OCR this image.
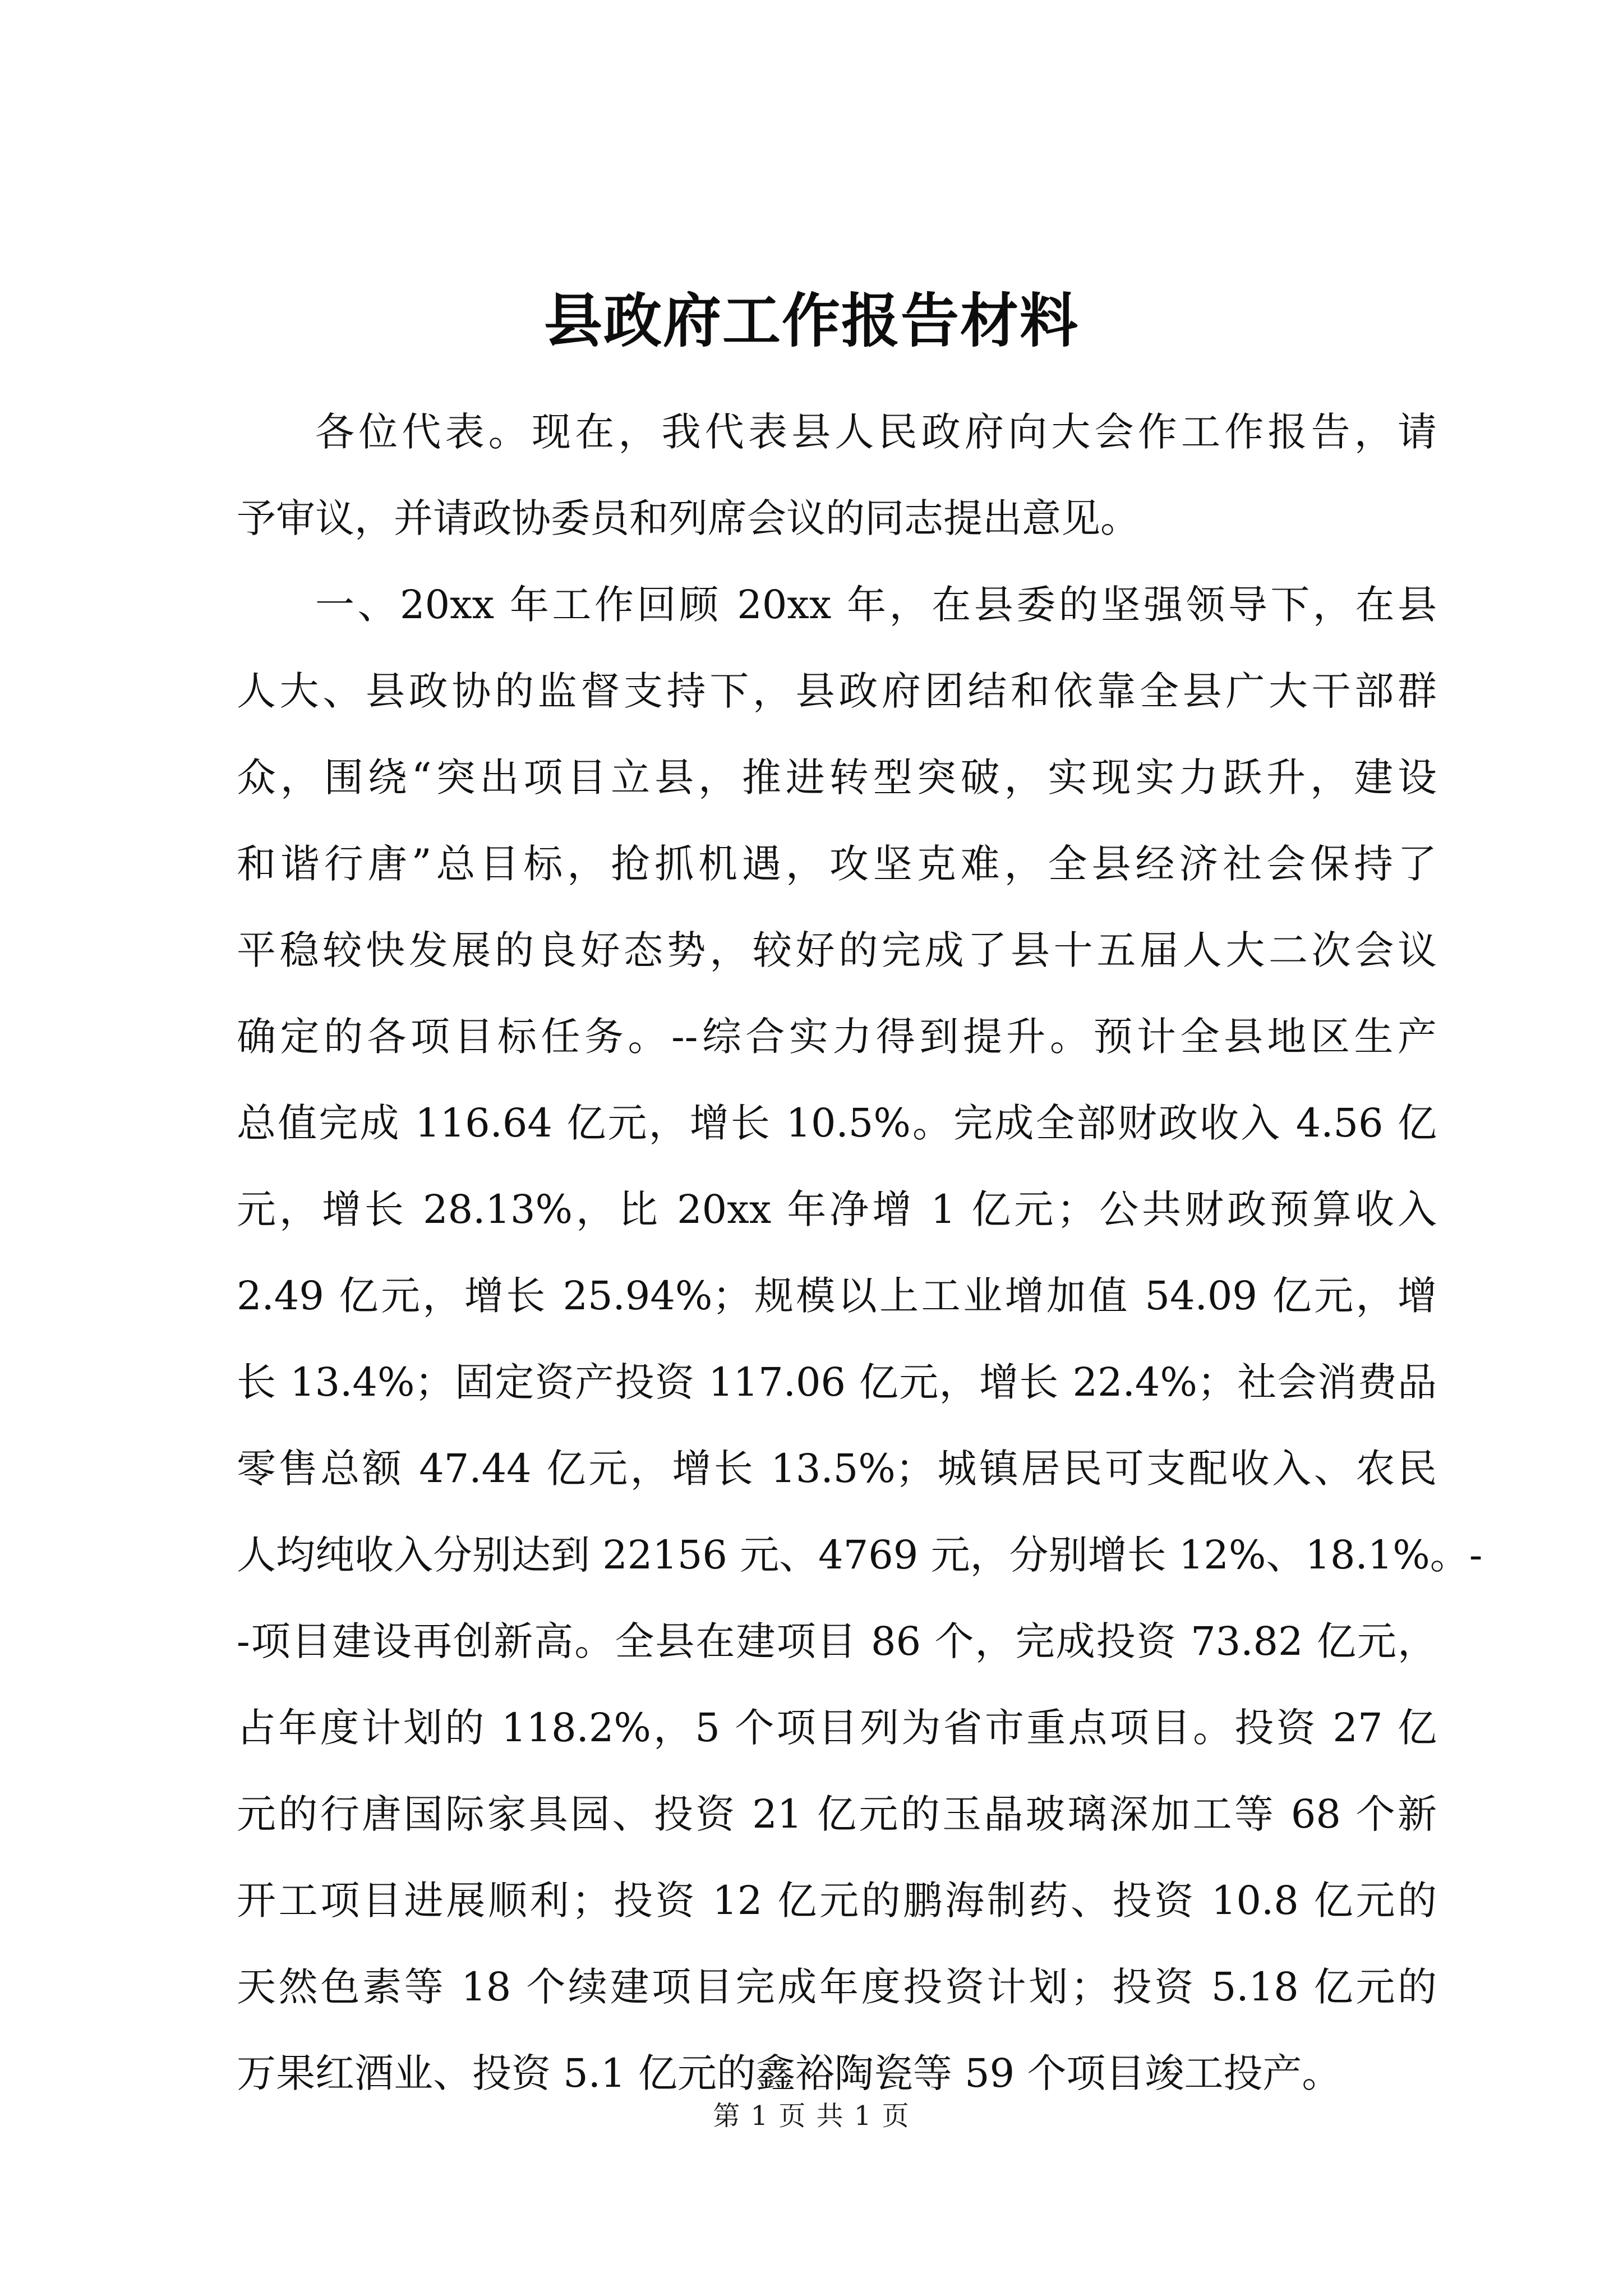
县政府工作报告材料
各位代表。现在，我代表县人民政府向大会作工作报告，请
予审议，并请政协委员和列席会议的同志提出意见。
一、20xx 年工作回顾 20xx 年，在县委的坚强领导下，在县
人大、县政协的监督支持下，县政府团结和依靠全县广大干部群
众，围绕“突出项目立县，推进转型突破，实现实力跃升，建设
和谐行唐”总目标，抢抓机遇，攻坚克难，全县经济社会保持了
平稳较快发展的良好态势，较好的完成了县十五届人大二次会议
确定的各项目标任务。--综合实力得到提升。预计全县地区生产
总值完成 116.64 亿元，增长 10.5%。完成全部财政收入 4.56 亿
元，增长 28.13%，比 20xx 年净增 1 亿元；公共财政预算收入
2.49 亿元，增长 25.94%；规模以上工业增加值 54.09 亿元，增
长 13.4%；固定资产投资 117.06 亿元，增长 22.4%；社会消费品
零售总额 47.44 亿元，增长 13.5%；城镇居民可支配收入、农民
人均纯收入分别达到 22156 元、4769 元，分别增长 12%、18.1%。-
-项目建设再创新高。全县在建项目 86 个，完成投资 73.82 亿元，
占年度计划的 118.2%，5 个项目列为省市重点项目。投资 27 亿
元的行唐国际家具园、投资 21 亿元的玉晶玻璃深加工等 68 个新
开工项目进展顺利；投资 12 亿元的鹏海制药、投资 10.8 亿元的
天然色素等 18 个续建项目完成年度投资计划；投资 5.18 亿元的
万果红酒业、投资 5.1 亿元的鑫裕陶瓷等 59 个项目竣工投产。
第 1 页 共 1 页
